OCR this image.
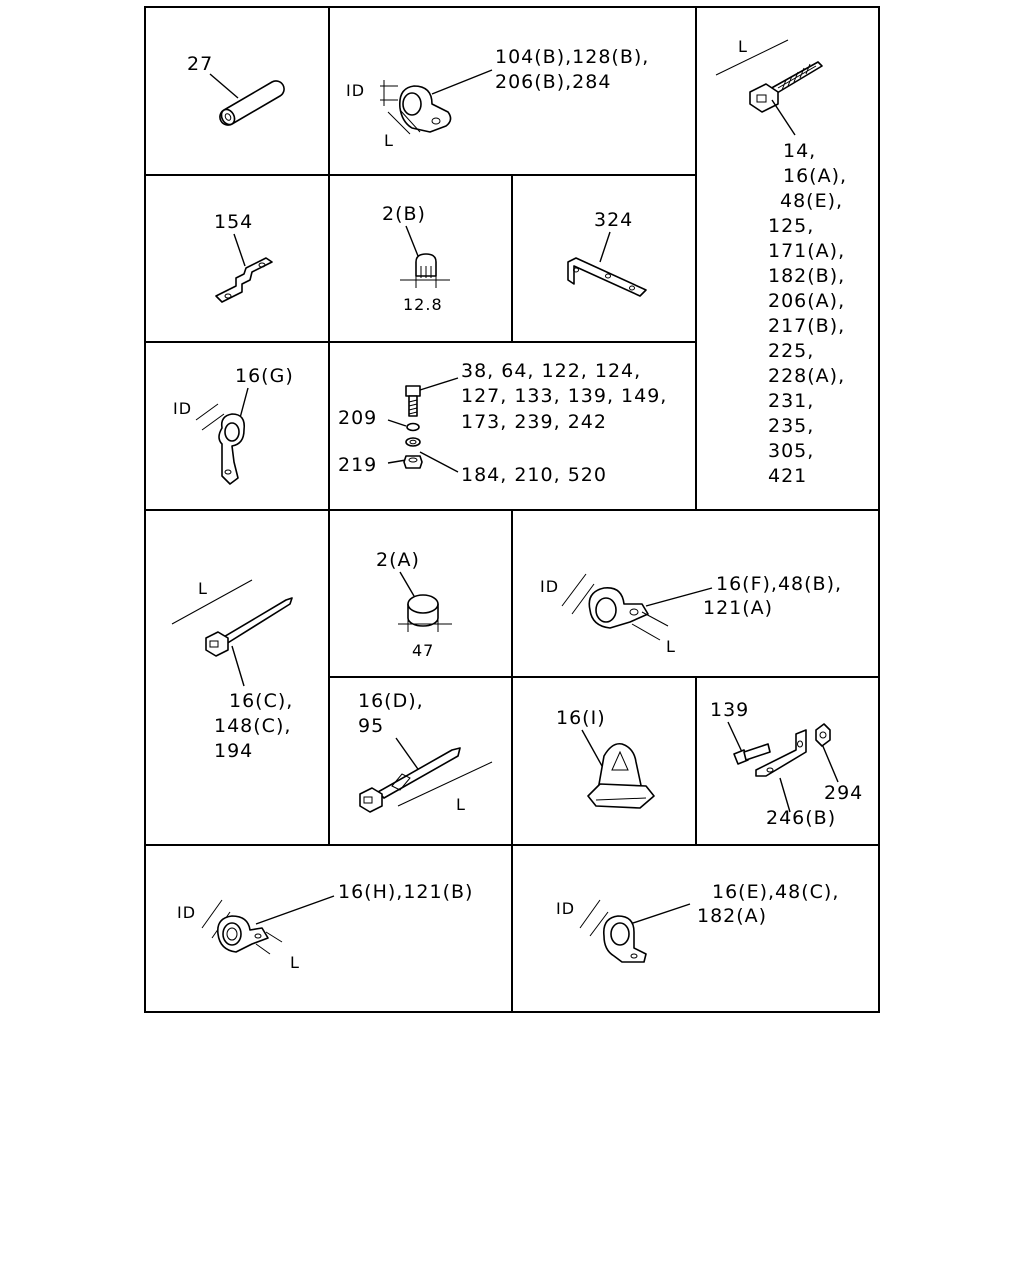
27	104(B),128(B),
206(B),284
ID
L
L
14,
16(A),
48(E),
125,
171(A),
182(B),
206(A),
217(B),
225,
228(A),
231,
235,
305,
421
154	2(B)
12.8
324
16(G)
ID
38, 64, 122, 124,
127, 133, 139, 149,
173, 239, 242
209
219	184, 210, 520
L
16(C),
148(C),
194
2(A)
47
16(F),48(B),
121(A)
ID
L
16(D),
95
L
16(I)	139
294
246(B)
16(H),121(B)
ID
L
16(E),48(C),
182(A)
ID
